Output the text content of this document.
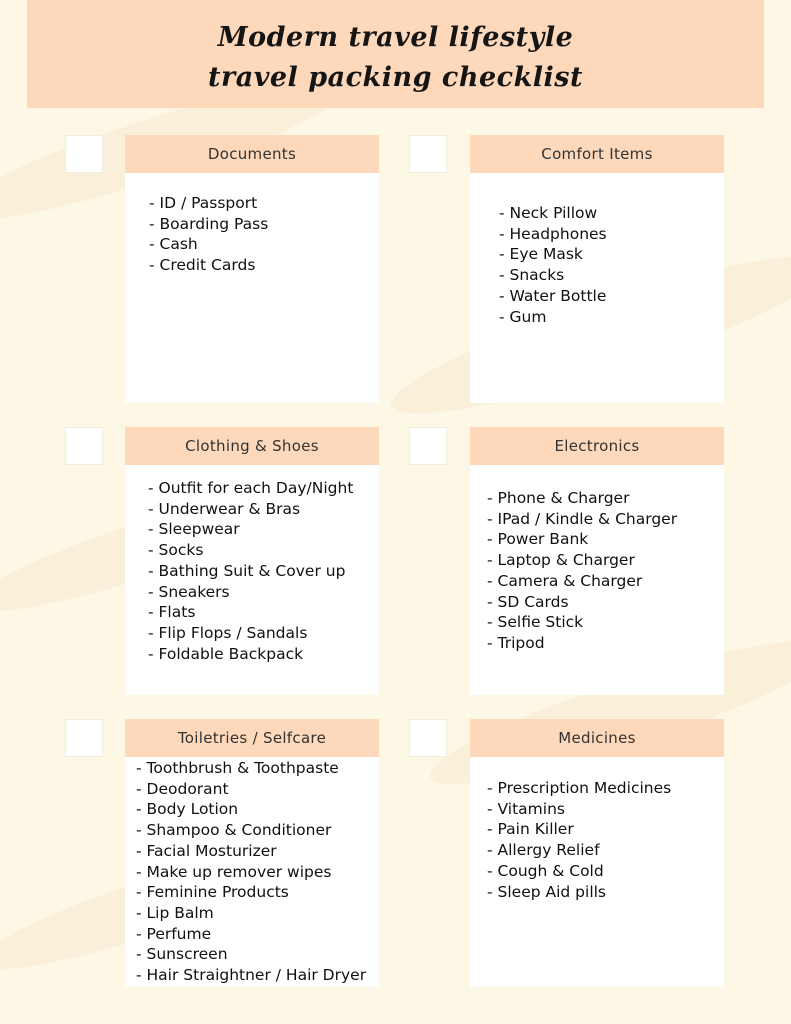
Modern travel lifestyle
travel packing checklist
Documents
- ID / Passport
- Boarding Pass
- Cash
- Credit Cards
Comfort Items
- Neck Pillow
- Headphones
- Eye Mask
- Snacks
- Water Bottle
- Gum
Clothing & Shoes
- Outfit for each Day/Night
- Underwear & Bras
- Sleepwear
- Socks
- Bathing Suit & Cover up
- Sneakers
- Flats
- Flip Flops / Sandals
- Foldable Backpack
Electronics
- Phone & Charger
- IPad / Kindle & Charger
- Power Bank
- Laptop & Charger
- Camera & Charger
- SD Cards
- Selfie Stick
- Tripod
Toiletries / Selfcare
- Toothbrush & Toothpaste
- Deodorant
- Body Lotion
- Shampoo & Conditioner
- Facial Mosturizer
- Make up remover wipes
- Feminine Products
- Lip Balm
- Perfume
- Sunscreen
- Hair Straightner / Hair Dryer
Medicines
- Prescription Medicines
- Vitamins
- Pain Killer
- Allergy Relief
- Cough & Cold
- Sleep Aid pills
